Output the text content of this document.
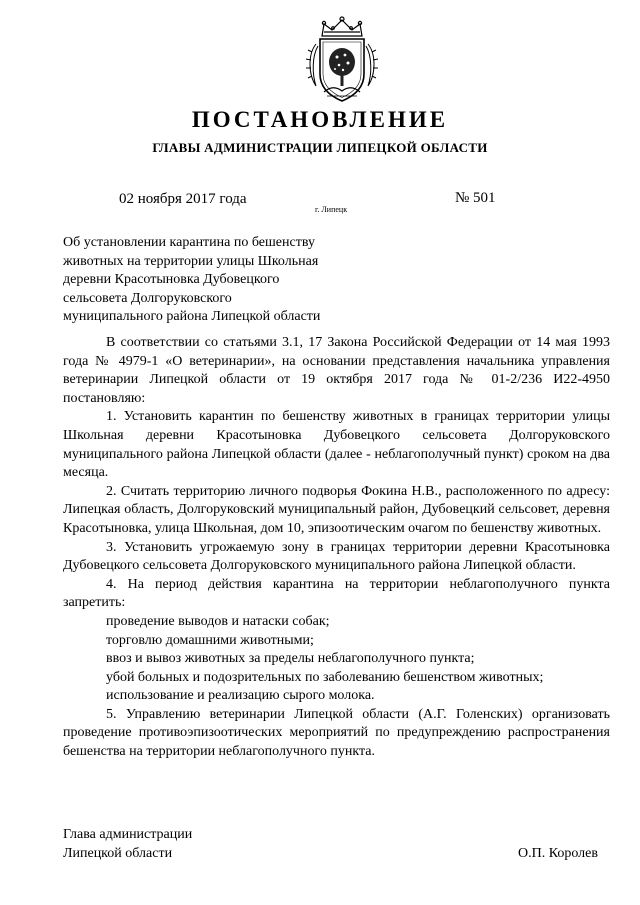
ПОСТАНОВЛЕНИЕ
ГЛАВЫ АДМИНИСТРАЦИИ ЛИПЕЦКОЙ ОБЛАСТИ
02 ноября 2017 года
г. Липецк
№ 501
Об установлении карантина по бешенству
животных на территории улицы Школьная
деревни Красотыновка Дубовецкого
сельсовета Долгоруковского
муниципального района Липецкой области

В соответствии со статьями 3.1, 17 Закона Российской Федерации от 14 мая 1993 года № 4979-1 «О ветеринарии», на основании представления начальника управления ветеринарии Липецкой области от 19 октября 2017 года № 01-2/236 И22-4950 постановляю:

1. Установить карантин по бешенству животных в границах территории улицы Школьная деревни Красотыновка Дубовецкого сельсовета Долгоруковского муниципального района Липецкой области (далее - неблагополучный пункт) сроком на два месяца.

2. Считать территорию личного подворья Фокина Н.В., расположенного по адресу: Липецкая область, Долгоруковский муниципальный район, Дубовецкий сельсовет, деревня Красотыновка, улица Школьная, дом 10, эпизоотическим очагом по бешенству животных.

3. Установить угрожаемую зону в границах территории деревни Красотыновка Дубовецкого сельсовета Долгоруковского муниципального района Липецкой области.

4. На период действия карантина на территории неблагополучного пункта запретить:

проведение выводов и натаски собак;

торговлю домашними животными;

ввоз и вывоз животных за пределы неблагополучного пункта;

убой больных и подозрительных по заболеванию бешенством животных;

использование и реализацию сырого молока.

5. Управлению ветеринарии Липецкой области (А.Г. Голенских) организовать проведение противоэпизоотических мероприятий по предупреждению распространения бешенства на территории неблагополучного пункта.

Глава администрации
Липецкой области	О.П. Королев
